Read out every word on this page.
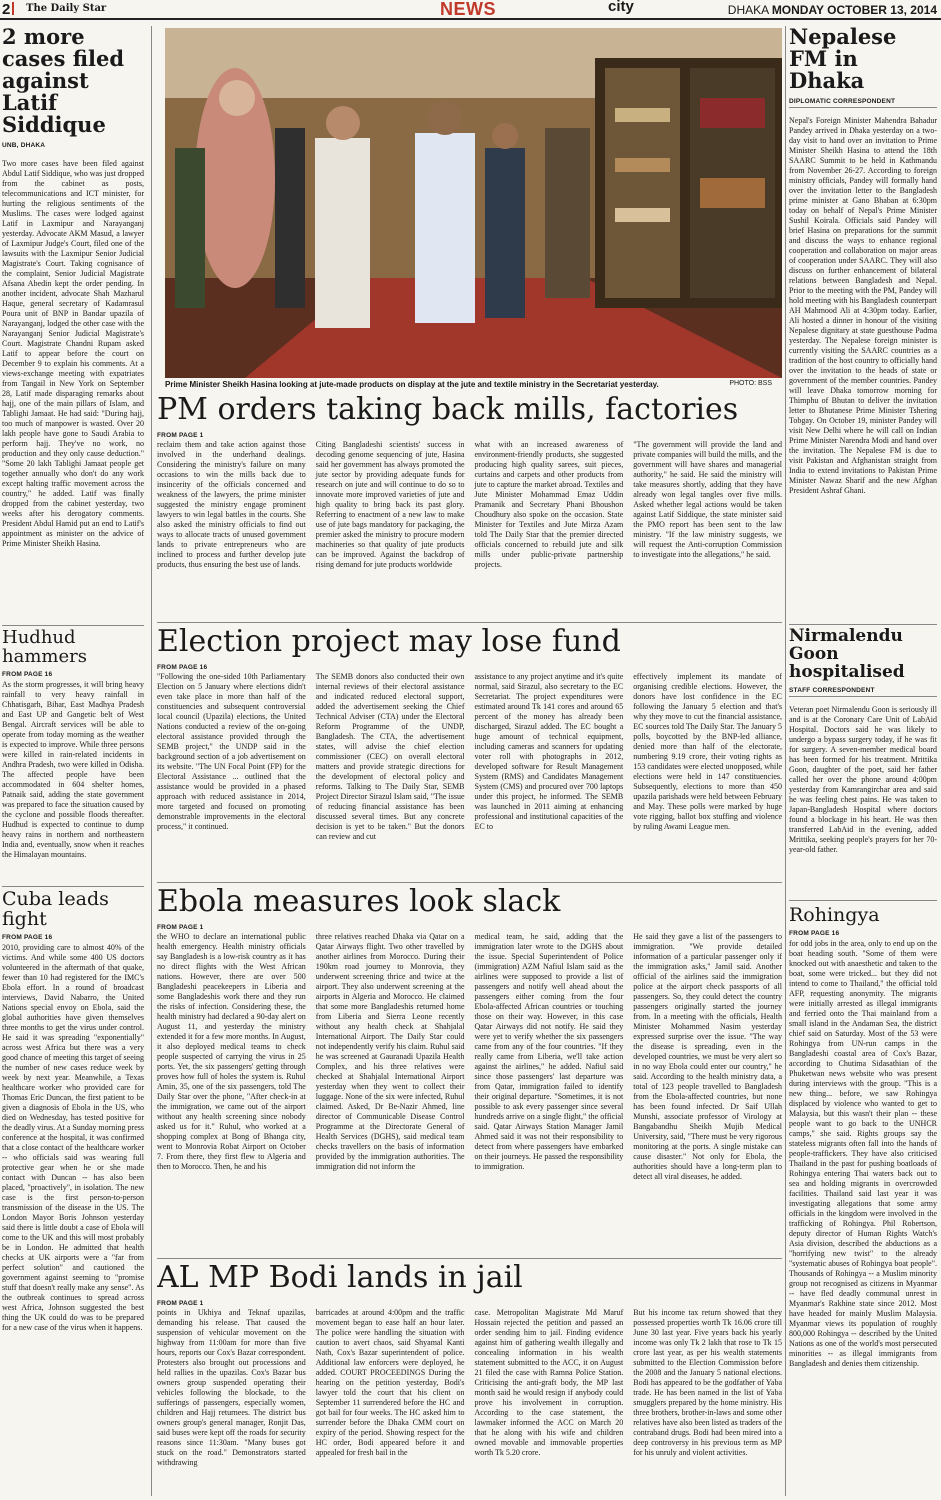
2	The Daily Star	NEWS	city	DHAKA MONDAY OCTOBER 13, 2014
2 more cases filed against Latif Siddique
UNB, DHAKA
Two more cases have been filed against Abdul Latif Siddique, who was just dropped from the cabinet as posts, telecommunications and ICT minister, for hurting the religious sentiments of the Muslims. The cases were lodged against Latif in Laxmipur and Narayanganj yesterday. Advocate AKM Masud, a lawyer of Laxmipur Judge's Court, filed one of the lawsuits with the Laxmipur Senior Judicial Magistrate's Court. Taking cognisance of the complaint, Senior Judicial Magistrate Afsana Abedin kept the order pending. In another incident, advocate Shah Mazharul Haque, general secretary of Kadamrasul Poura unit of BNP in Bandar upazila of Narayanganj, lodged the other case with the Narayanganj Senior Judicial Magistrate's Court. Magistrate Chandni Rupam asked Latif to appear before the court on December 9 to explain his comments. At a views-exchange meeting with expatriates from Tangail in New York on September 28, Latif made disparaging remarks about hajj, one of the main pillars of Islam, and Tablighi Jamaat. He had said: "During hajj, too much of manpower is wasted. Over 20 lakh people have gone to Saudi Arabia to perform hajj. They've no work, no production and they only cause deduction." "Some 20 lakh Tablighi Jamaat people get together annually who don't do any work except halting traffic movement across the country," he added. Latif was finally dropped from the cabinet yesterday, two weeks after his derogatory comments. President Abdul Hamid put an end to Latif's appointment as minister on the advice of Prime Minister Sheikh Hasina.
Hudhud hammers
FROM PAGE 16
As the storm progresses, it will bring heavy rainfall to very heavy rainfall in Chhatisgarh, Bihar, East Madhya Pradesh and East UP and Gangetic belt of West Bengal. Aircraft services will be able to operate from today morning as the weather is expected to improve. While three persons were killed in rain-related incidents in Andhra Pradesh, two were killed in Odisha. The affected people have been accommodated in 604 shelter homes, Patnaik said, adding the state government was prepared to face the situation caused by the cyclone and possible floods thereafter. Hudhud is expected to continue to dump heavy rains in northern and northeastern India and, eventually, snow when it reaches the Himalayan mountains.
Cuba leads fight
FROM PAGE 16
2010, providing care to almost 40% of the victims. And while some 400 US doctors volunteered in the aftermath of that quake, fewer than 10 had registered for the IMC's Ebola effort. In a round of broadcast interviews, David Nabarro, the United Nations special envoy on Ebola, said the global authorities have given themselves three months to get the virus under control. He said it was spreading "exponentially" across west Africa but there was a very good chance of meeting this target of seeing the number of new cases reduce week by week by next year. Meanwhile, a Texas healthcare worker who provided care for Thomas Eric Duncan, the first patient to be given a diagnosis of Ebola in the US, who died on Wednesday, has tested positive for the deadly virus. At a Sunday morning press conference at the hospital, it was confirmed that a close contact of the healthcare worker -- who officials said was wearing full protective gear when he or she made contact with Duncan -- has also been placed, "proactively", in isolation. The new case is the first person-to-person transmission of the disease in the US. The London Mayor Boris Johnson yesterday said there is little doubt a case of Ebola will come to the UK and this will most probably be in London. He admitted that health checks at UK airports were a "far from perfect solution" and cautioned the government against seeming to "promise stuff that doesn't really make any sense". As the outbreak continues to spread across west Africa, Johnson suggested the best thing the UK could do was to be prepared for a new case of the virus when it happens.
Prime Minister Sheikh Hasina looking at jute-made products on display at the jute and textile ministry in the Secretariat yesterday.	PHOTO: BSS
PM orders taking back mills, factories
FROM PAGE 1
reclaim them and take action against those involved in the underhand dealings. Considering the ministry's failure on many occasions to win the mills back due to insincerity of the officials concerned and weakness of the lawyers, the prime minister suggested the ministry engage prominent lawyers to win legal battles in the courts. She also asked the ministry officials to find out ways to allocate tracts of unused government lands to private entrepreneurs who are inclined to process and further develop jute products, thus ensuring the best use of lands.
Citing Bangladeshi scientists' success in decoding genome sequencing of jute, Hasina said her government has always promoted the jute sector by providing adequate funds for research on jute and will continue to do so to innovate more improved varieties of jute and high quality to bring back its past glory. Referring to enactment of a new law to make use of jute bags mandatory for packaging, the premier asked the ministry to procure modern machineries so that quality of jute products can be improved. Against the backdrop of rising demand for jute products worldwide
what with an increased awareness of environment-friendly products, she suggested producing high quality sarees, suit pieces, curtains and carpets and other products from jute to capture the market abroad. Textiles and Jute Minister Mohammad Emaz Uddin Pramanik and Secretary Phani Bhoushon Choudhury also spoke on the occasion. State Minister for Textiles and Jute Mirza Azam told The Daily Star that the premier directed officials concerned to rebuild jute and silk mills under public-private partnership projects.
"The government will provide the land and private companies will build the mills, and the government will have shares and managerial authority," he said. He said the ministry will take measures shortly, adding that they have already won legal tangles over five mills. Asked whether legal actions would be taken against Latif Siddique, the state minister said the PMO report has been sent to the law ministry. "If the law ministry suggests, we will request the Anti-corruption Commission to investigate into the allegations," he said.
Election project may lose fund
FROM PAGE 16
"Following the one-sided 10th Parliamentary Election on 5 January where elections didn't even take place in more than half of the constituencies and subsequent controversial local council (Upazila) elections, the United Nations conducted a review of the on-going electoral assistance provided through the SEMB project," the UNDP said in the background section of a job advertisement on its website. "The UN Focal Point (FP) for the Electoral Assistance ... outlined that the assistance would be provided in a phased approach with reduced assistance in 2014, more targeted and focused on promoting demonstrable improvements in the electoral process," it continued.
The SEMB donors also conducted their own internal reviews of their electoral assistance and indicated reduced electoral support, added the advertisement seeking the Chief Technical Adviser (CTA) under the Electoral Reform Programme of the UNDP, Bangladesh. The CTA, the advertisement states, will advise the chief election commissioner (CEC) on overall electoral matters and provide strategic directions for the development of electoral policy and reforms. Talking to The Daily Star, SEMB Project Director Sirazul Islam said, "The issue of reducing financial assistance has been discussed several times. But any concrete decision is yet to be taken." But the donors can review and cut
assistance to any project anytime and it's quite normal, said Sirazul, also secretary to the EC Secretariat. The project expenditures were estimated around Tk 141 cores and around 65 percent of the money has already been discharged, Sirazul added. The EC bought a huge amount of technical equipment, including cameras and scanners for updating voter roll with photographs in 2012, developed software for Result Management System (RMS) and Candidates Management System (CMS) and procured over 700 laptops under this project, he informed. The SEMB was launched in 2011 aiming at enhancing professional and institutional capacities of the EC to
effectively implement its mandate of organising credible elections. However, the donors have lost confidence in the EC following the January 5 election and that's why they move to cut the financial assistance, EC sources told The Daily Star. The January 5 polls, boycotted by the BNP-led alliance, denied more than half of the electorate, numbering 9.19 crore, their voting rights as 153 candidates were elected unopposed, while elections were held in 147 constituencies. Subsequently, elections to more than 450 upazila parishads were held between February and May. These polls were marked by huge vote rigging, ballot box stuffing and violence by ruling Awami League men.
Ebola measures look slack
FROM PAGE 1
the WHO to declare an international public health emergency. Health ministry officials say Bangladesh is a low-risk country as it has no direct flights with the West African nations. However, there are over 500 Bangladeshi peacekeepers in Liberia and some Bangladeshis work there and they run the risks of infection. Considering these, the health ministry had declared a 90-day alert on August 11, and yesterday the ministry extended it for a few more months. In August, it also deployed medical teams to check people suspected of carrying the virus in 25 ports. Yet, the six passengers' getting through proves how full of holes the system is. Ruhul Amin, 35, one of the six passengers, told The Daily Star over the phone, "After check-in at the immigration, we came out of the airport without any health screening since nobody asked us for it." Ruhul, who worked at a shopping complex at Bong of Bhanga city, went to Monrovia Robat Airport on October 7. From there, they first flew to Algeria and then to Morocco. Then, he and his
three relatives reached Dhaka via Qatar on a Qatar Airways flight. Two other travelled by another airlines from Morocco. During their 190km road journey to Monrovia, they underwent screening thrice and twice at the airport. They also underwent screening at the airports in Algeria and Morocco. He claimed that some more Bangladeshis returned home from Liberia and Sierra Leone recently without any health check at Shahjalal International Airport. The Daily Star could not independently verify his claim. Ruhul said he was screened at Gauranadi Upazila Health Complex, and his three relatives were checked at Shahjalal International Airport yesterday when they went to collect their luggage. None of the six were infected, Ruhul claimed. Asked, Dr Be-Nazir Ahmed, line director of Communicable Disease Control Programme at the Directorate General of Health Services (DGHS), said medical team checks travellers on the basis of information provided by the immigration authorities. The immigration did not inform the
medical team, he said, adding that the immigration later wrote to the DGHS about the issue. Special Superintendent of Police (immigration) AZM Nafiul Islam said as the airlines were supposed to provide a list of passengers and notify well ahead about the passengers either coming from the four Ebola-affected African countries or touching those on their way. However, in this case Qatar Airways did not notify. He said they were yet to verify whether the six passengers came from any of the four countries. "If they really came from Liberia, we'll take action against the airlines," he added. Nafiul said since those passengers' last departure was from Qatar, immigration failed to identify their original departure. "Sometimes, it is not possible to ask every passenger since several hundreds arrive on a single flight," the official said. Qatar Airways Station Manager Jamil Ahmed said it was not their responsibility to detect from where passengers have embarked on their journeys. He passed the responsibility to immigration.
He said they gave a list of the passengers to immigration. "We provide detailed information of a particular passenger only if the immigration asks," Jamil said. Another official of the airlines said the immigration police at the airport check passports of all passengers. So, they could detect the country passengers originally started the journey from. In a meeting with the officials, Health Minister Mohammed Nasim yesterday expressed surprise over the issue. "The way the disease is spreading, even in the developed countries, we must be very alert so in no way Ebola could enter our country," he said. According to the health ministry data, a total of 123 people travelled to Bangladesh from the Ebola-affected countries, but none has been found infected. Dr Saif Ullah Munshi, associate professor of Virology at Bangabandhu Sheikh Mujib Medical University, said, "There must be very rigorous monitoring at the ports. A single mistake can cause disaster." Not only for Ebola, the authorities should have a long-term plan to detect all viral diseases, he added.
AL MP Bodi lands in jail
FROM PAGE 1
points in Ukhiya and Teknaf upazilas, demanding his release. That caused the suspension of vehicular movement on the highway from 11:00am for more than five hours, reports our Cox's Bazar correspondent. Protesters also brought out processions and held rallies in the upazilas. Cox's Bazar bus owners group suspended operating their vehicles following the blockade, to the sufferings of passengers, especially women, children and Hajj returnees. The district bus owners group's general manager, Ronjit Das, said buses were kept off the roads for security reasons since 11:30am. "Many buses got stuck on the road." Demonstrators started withdrawing
barricades at around 4:00pm and the traffic movement began to ease half an hour later. The police were handling the situation with caution to avert chaos, said Shyamal Kanti Nath, Cox's Bazar superintendent of police. Additional law enforcers were deployed, he added. COURT PROCEEDINGS During the hearing on the petition yesterday, Bodi's lawyer told the court that his client on September 11 surrendered before the HC and got bail for four weeks. The HC asked him to surrender before the Dhaka CMM court on expiry of the period. Showing respect for the HC order, Bodi appeared before it and appealed for fresh bail in the
case. Metropolitan Magistrate Md Maruf Hossain rejected the petition and passed an order sending him to jail. Finding evidence against him of gathering wealth illegally and concealing information in his wealth statement submitted to the ACC, it on August 21 filed the case with Ramna Police Station. Criticising the anti-graft body, the MP last month said he would resign if anybody could prove his involvement in corruption. According to the case statement, the lawmaker informed the ACC on March 20 that he along with his wife and children owned movable and immovable properties worth Tk 5.20 crore.
But his income tax return showed that they possessed properties worth Tk 16.06 crore till June 30 last year. Five years back his yearly income was only Tk 2 lakh that rose to Tk 15 crore last year, as per his wealth statements submitted to the Election Commission before the 2008 and the January 5 national elections. Bodi has appeared to be the godfather of Yaba trade. He has been named in the list of Yaba smugglers prepared by the home ministry. His three brothers, brother-in-laws and some other relatives have also been listed as traders of the contraband drugs. Bodi had been mired into a deep controversy in his previous term as MP for his unruly and violent activities.
Nepalese FM in Dhaka
DIPLOMATIC CORRESPONDENT
Nepal's Foreign Minister Mahendra Bahadur Pandey arrived in Dhaka yesterday on a two-day visit to hand over an invitation to Prime Minister Sheikh Hasina to attend the 18th SAARC Summit to be held in Kathmandu from November 26-27. According to foreign ministry officials, Pandey will formally hand over the invitation letter to the Bangladesh prime minister at Gano Bhaban at 6:30pm today on behalf of Nepal's Prime Minister Sushil Koirala. Officials said Pandey will brief Hasina on preparations for the summit and discuss the ways to enhance regional cooperation and collaboration on major areas of cooperation under SAARC. They will also discuss on further enhancement of bilateral relations between Bangladesh and Nepal. Prior to the meeting with the PM, Pandey will hold meeting with his Bangladesh counterpart AH Mahmood Ali at 4:30pm today. Earlier, Ali hosted a dinner in honour of the visiting Nepalese dignitary at state guesthouse Padma yesterday. The Nepalese foreign minister is currently visiting the SAARC countries as a tradition of the host country to officially hand over the invitation to the heads of state or government of the member countries. Pandey will leave Dhaka tomorrow morning for Thimphu of Bhutan to deliver the invitation letter to Bhutanese Prime Minister Tshering Tobgay. On October 19, minister Pandey will visit New Delhi where he will call on Indian Prime Minister Narendra Modi and hand over the invitation. The Nepalese FM is due to visit Pakistan and Afghanistan straight from India to extend invitations to Pakistan Prime Minister Nawaz Sharif and the new Afghan President Ashraf Ghani.
Nirmalendu Goon hospitalised
STAFF CORRESPONDENT
Veteran poet Nirmalendu Goon is seriously ill and is at the Coronary Care Unit of LabAid Hospital. Doctors said he was likely to undergo a bypass surgery today, if he was fit for surgery. A seven-member medical board has been formed for his treatment. Mrittika Goon, daughter of the poet, said her father called her over the phone around 4:00pm yesterday from Kamrangirchar area and said he was feeling chest pains. He was taken to Japan-Bangladesh Hospital where doctors found a blockage in his heart. He was then transferred LabAid in the evening, added Mrittika, seeking people's prayers for her 70-year-old father.
Rohingya
FROM PAGE 16
for odd jobs in the area, only to end up on the boat heading south. "Some of them were knocked out with anaesthetic and taken to the boat, some were tricked... but they did not intend to come to Thailand," the official told AFP, requesting anonymity. The migrants were initially arrested as illegal immigrants and ferried onto the Thai mainland from a small island in the Andaman Sea, the district chief said on Saturday. Most of the 53 were Rohingya from UN-run camps in the Bangladeshi coastal area of Cox's Bazar, according to Chutima Sidasathian of the Phuketwan news website who was present during interviews with the group. "This is a new thing... before, we saw Rohingya displaced by violence who wanted to get to Malaysia, but this wasn't their plan -- these people want to go back to the UNHCR camps," she said. Rights groups say the stateless migrants often fall into the hands of people-traffickers. They have also criticised Thailand in the past for pushing boatloads of Rohingya entering Thai waters back out to sea and holding migrants in overcrowded facilities. Thailand said last year it was investigating allegations that some army officials in the kingdom were involved in the trafficking of Rohingya. Phil Robertson, deputy director of Human Rights Watch's Asia division, described the abductions as a "horrifying new twist" to the already "systematic abuses of Rohingya boat people". Thousands of Rohingya -- a Muslim minority group not recognised as citizens in Myanmar -- have fled deadly communal unrest in Myanmar's Rakhine state since 2012. Most have headed for mainly Muslim Malaysia. Myanmar views its population of roughly 800,000 Rohingya -- described by the United Nations as one of the world's most persecuted minorities -- as illegal immigrants from Bangladesh and denies them citizenship.
